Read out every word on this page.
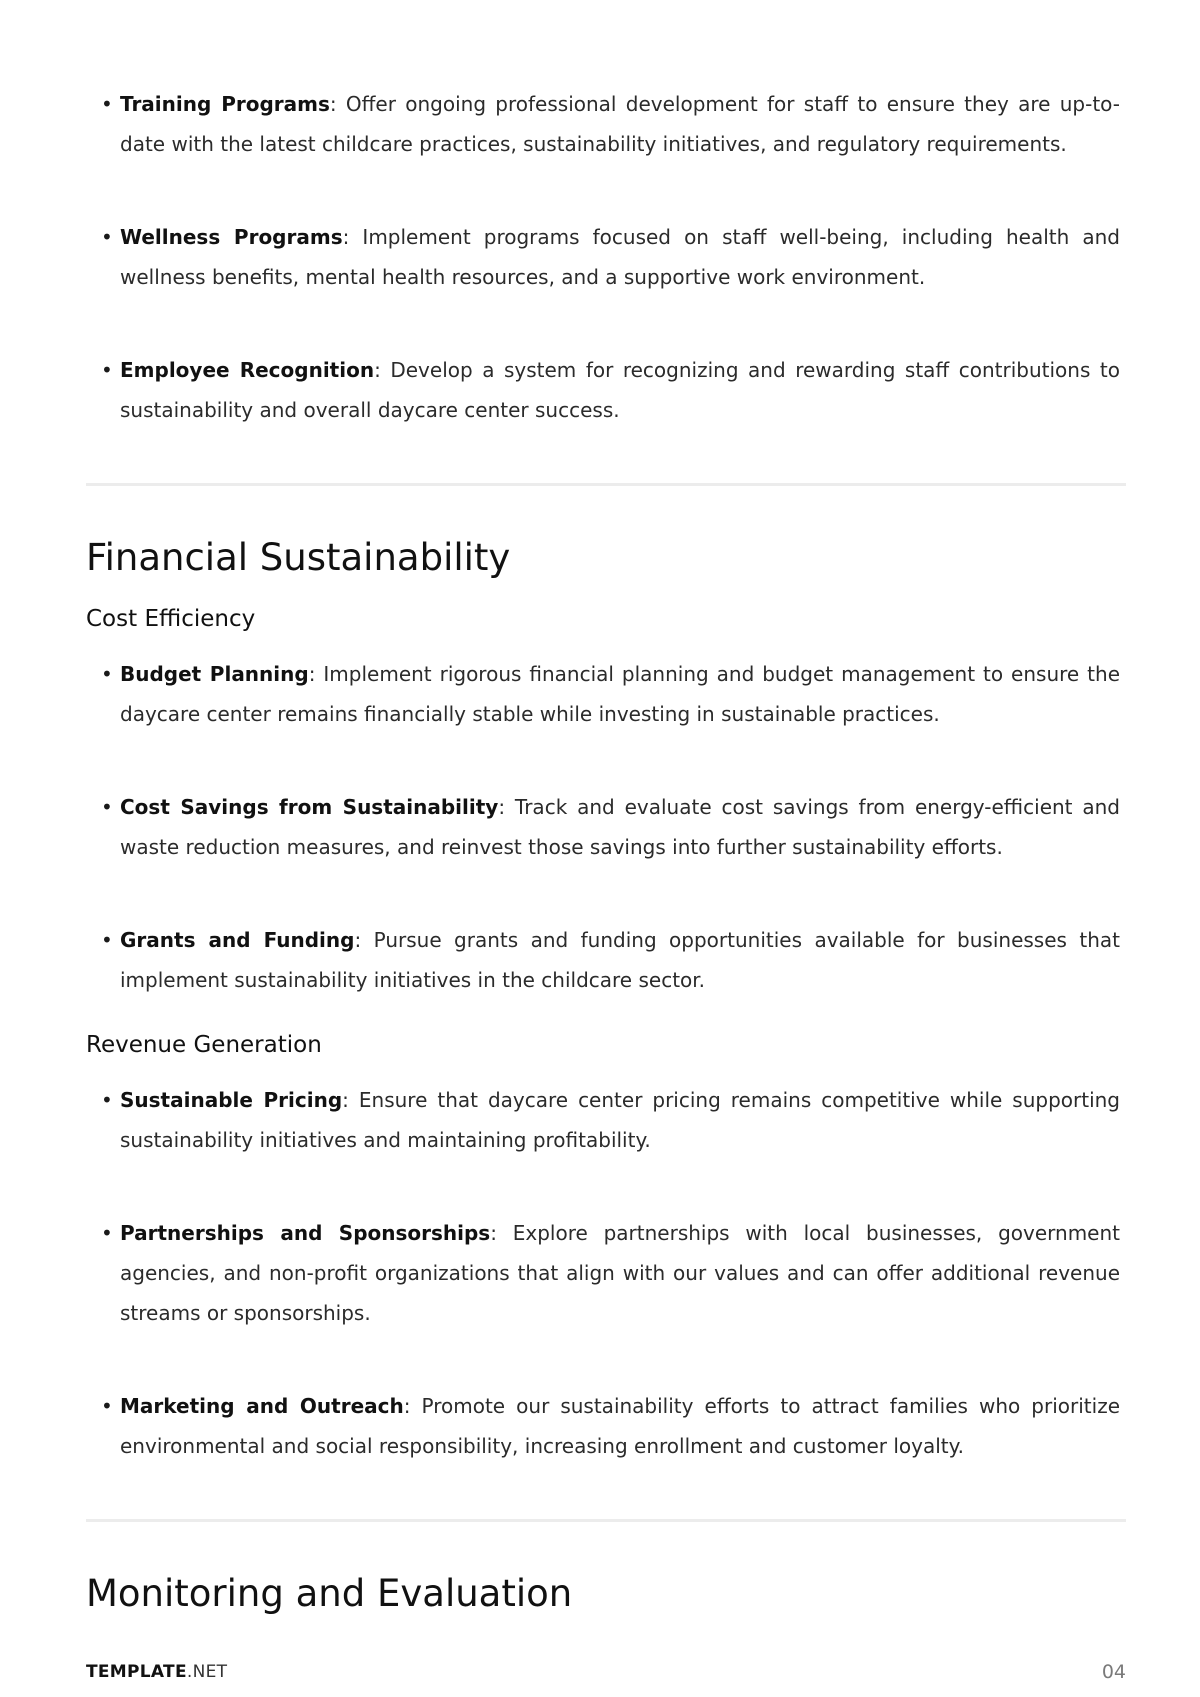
• Training Programs: Offer ongoing professional development for staff to ensure they are up-to-date with the latest childcare practices, sustainability initiatives, and regulatory requirements.
• Wellness Programs: Implement programs focused on staff well-being, including health and wellness benefits, mental health resources, and a supportive work environment.
• Employee Recognition: Develop a system for recognizing and rewarding staff contributions to sustainability and overall daycare center success.
Financial Sustainability
Cost Efficiency
• Budget Planning: Implement rigorous financial planning and budget management to ensure the daycare center remains financially stable while investing in sustainable practices.
• Cost Savings from Sustainability: Track and evaluate cost savings from energy-efficient and waste reduction measures, and reinvest those savings into further sustainability efforts.
• Grants and Funding: Pursue grants and funding opportunities available for businesses that implement sustainability initiatives in the childcare sector.
Revenue Generation
• Sustainable Pricing: Ensure that daycare center pricing remains competitive while supporting sustainability initiatives and maintaining profitability.
• Partnerships and Sponsorships: Explore partnerships with local businesses, government agencies, and non-profit organizations that align with our values and can offer additional revenue streams or sponsorships.
• Marketing and Outreach: Promote our sustainability efforts to attract families who prioritize environmental and social responsibility, increasing enrollment and customer loyalty.
Monitoring and Evaluation
TEMPLATE.NET	04
